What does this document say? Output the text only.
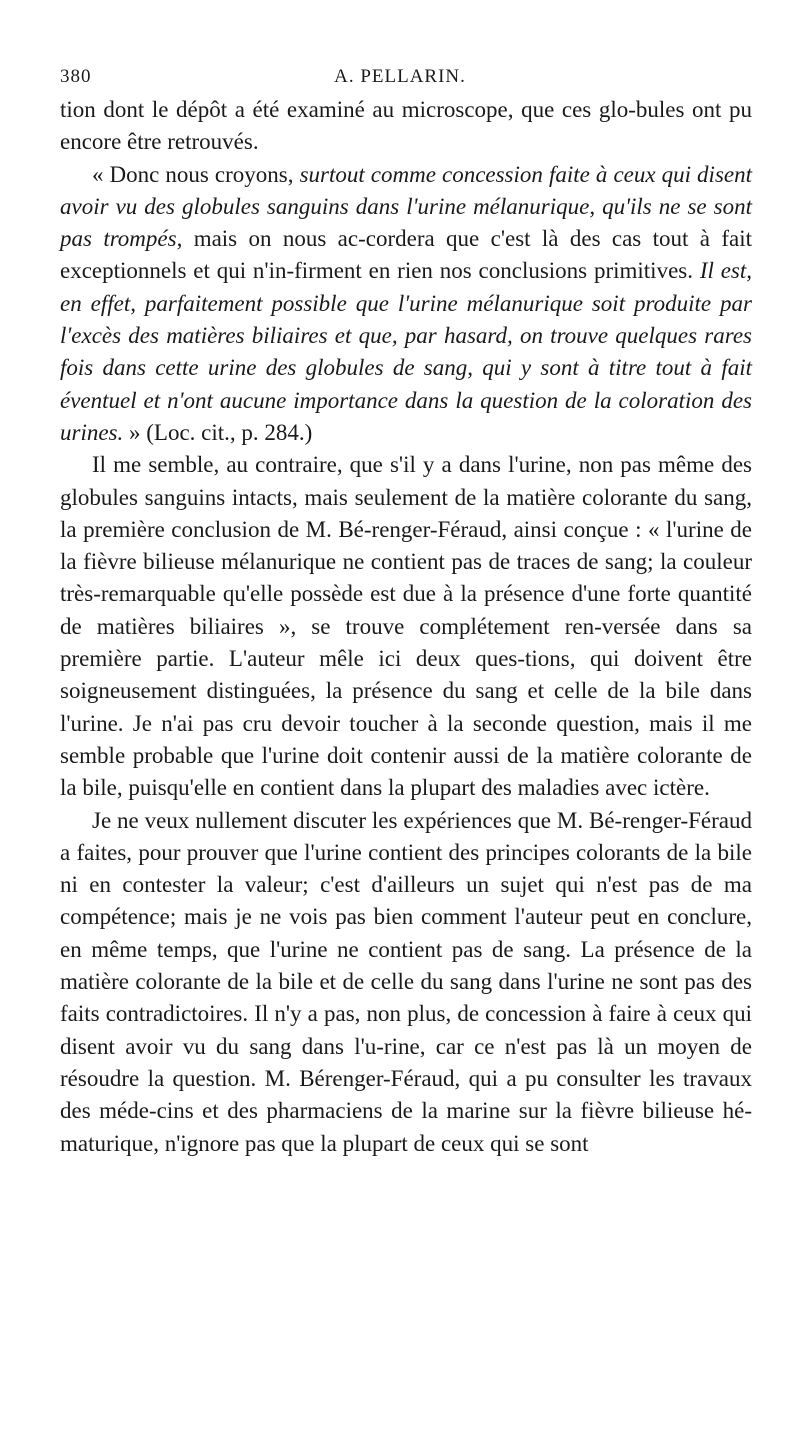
380	A. PELLARIN.

tion dont le dépôt a été examiné au microscope, que ces glo-bules ont pu encore être retrouvés.

« Donc nous croyons, surtout comme concession faite à ceux qui disent avoir vu des globules sanguins dans l'urine mélanurique, qu'ils ne se sont pas trompés, mais on nous ac-cordera que c'est là des cas tout à fait exceptionnels et qui n'in-firment en rien nos conclusions primitives. Il est, en effet, parfaitement possible que l'urine mélanurique soit produite par l'excès des matières biliaires et que, par hasard, on trouve quelques rares fois dans cette urine des globules de sang, qui y sont à titre tout à fait éventuel et n'ont aucune importance dans la question de la coloration des urines. » (Loc. cit., p. 284.)

Il me semble, au contraire, que s'il y a dans l'urine, non pas même des globules sanguins intacts, mais seulement de la matière colorante du sang, la première conclusion de M. Bé-renger-Féraud, ainsi conçue : « l'urine de la fièvre bilieuse mélanurique ne contient pas de traces de sang; la couleur très-remarquable qu'elle possède est due à la présence d'une forte quantité de matières biliaires », se trouve complétement ren-versée dans sa première partie. L'auteur mêle ici deux ques-tions, qui doivent être soigneusement distinguées, la présence du sang et celle de la bile dans l'urine. Je n'ai pas cru devoir toucher à la seconde question, mais il me semble probable que l'urine doit contenir aussi de la matière colorante de la bile, puisqu'elle en contient dans la plupart des maladies avec ictère.

Je ne veux nullement discuter les expériences que M. Bé-renger-Féraud a faites, pour prouver que l'urine contient des principes colorants de la bile ni en contester la valeur; c'est d'ailleurs un sujet qui n'est pas de ma compétence; mais je ne vois pas bien comment l'auteur peut en conclure, en même temps, que l'urine ne contient pas de sang. La présence de la matière colorante de la bile et de celle du sang dans l'urine ne sont pas des faits contradictoires. Il n'y a pas, non plus, de concession à faire à ceux qui disent avoir vu du sang dans l'u-rine, car ce n'est pas là un moyen de résoudre la question. M. Bérenger-Féraud, qui a pu consulter les travaux des méde-cins et des pharmaciens de la marine sur la fièvre bilieuse hé-maturique, n'ignore pas que la plupart de ceux qui se sont
